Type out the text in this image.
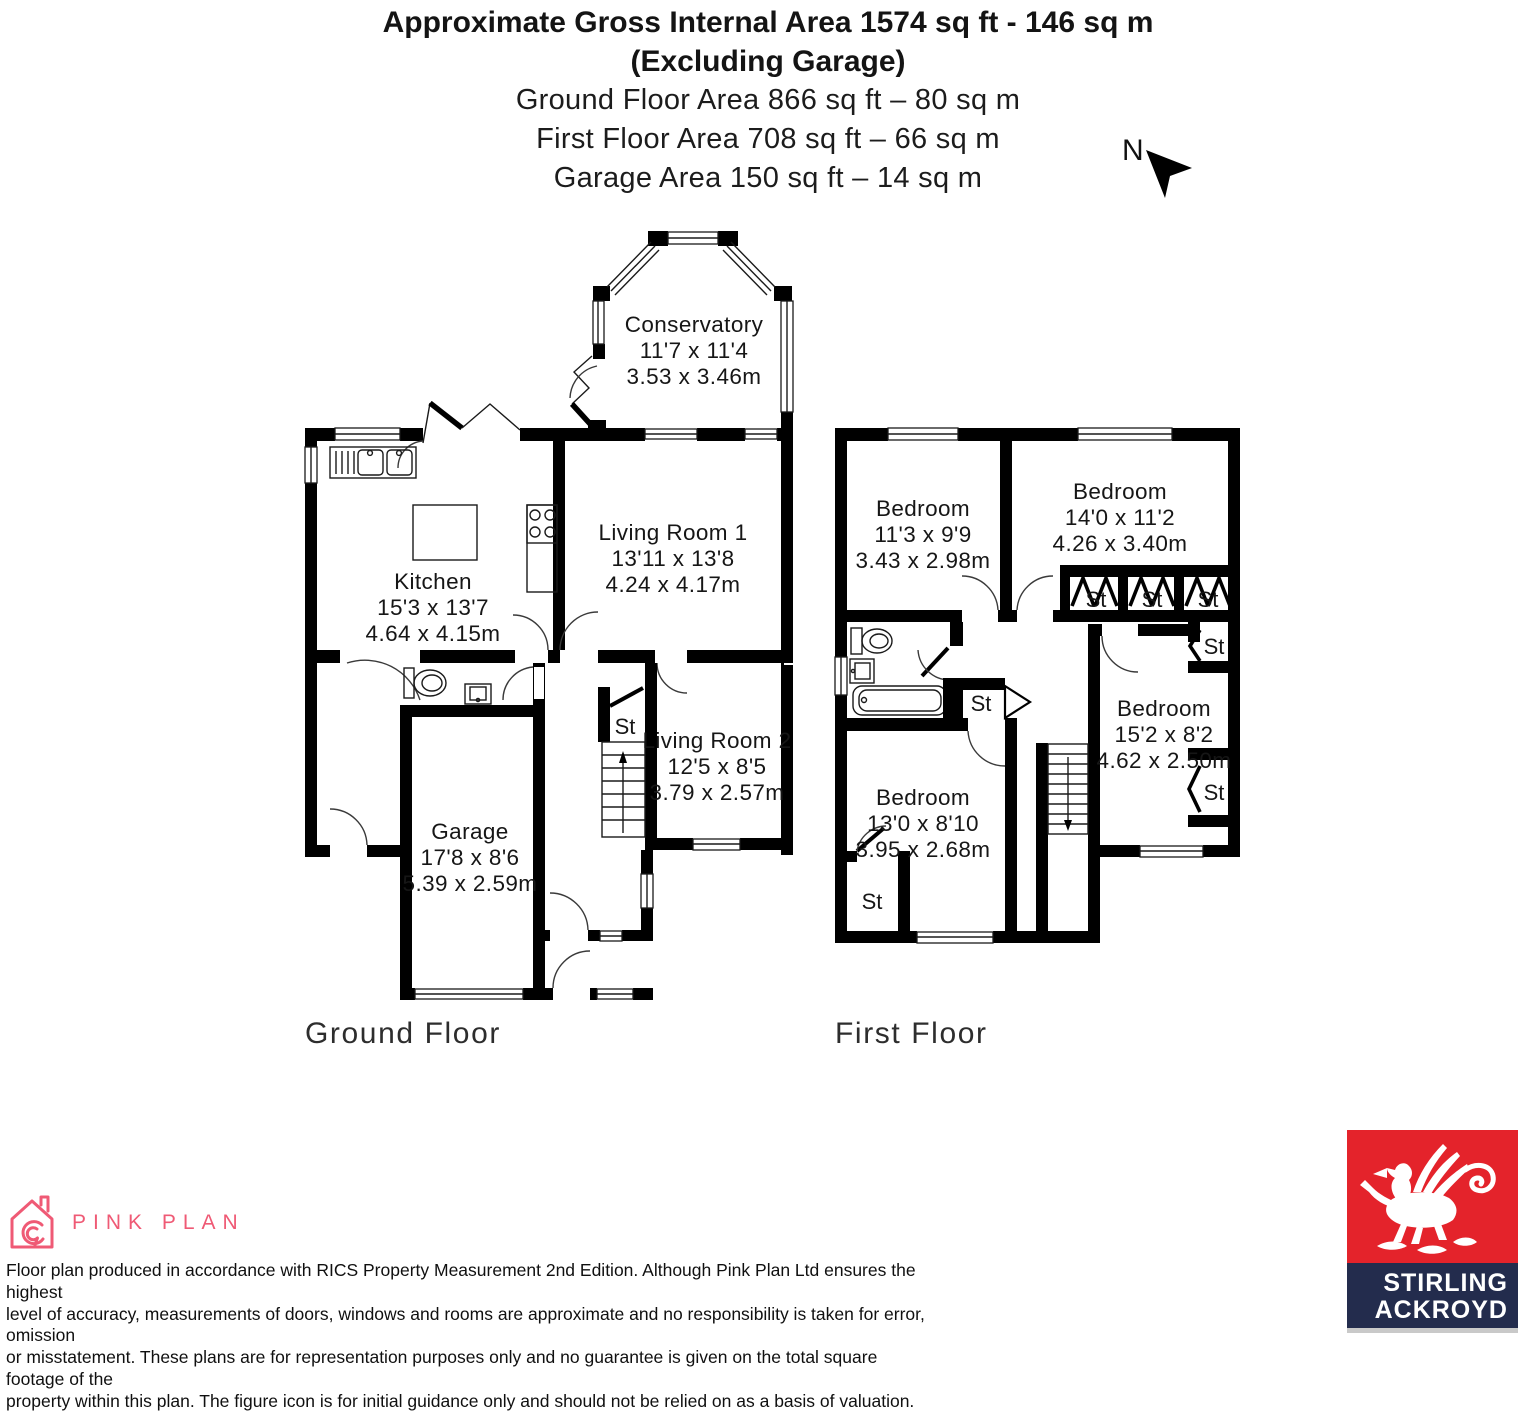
Approximate Gross Internal Area 1574 sq ft - 146 sq m
(Excluding Garage)
Ground Floor Area 866 sq ft – 80 sq m
First Floor Area 708 sq ft – 66 sq m
Garage Area 150 sq ft – 14 sq m
N
Conservatory
11'7 x 11'4
3.53 x 3.46m
Kitchen
15'3 x 13'7
4.64 x 4.15m
Living Room 1
13'11 x 13'8
4.24 x 4.17m
Living Room 2
12'5 x 8'5
3.79 x 2.57m
Garage
17'8 x 8'6
5.39 x 2.59m
St
Ground Floor
Bedroom
11'3 x 9'9
3.43 x 2.98m
Bedroom
14'0 x 11'2
4.26 x 3.40m
Bedroom
15'2 x 8'2
4.62 x 2.50m
Bedroom
13'0 x 8'10
3.95 x 2.68m
St St St
St
St
St
St
First Floor
PINK PLAN
Floor plan produced in accordance with RICS Property Measurement 2nd Edition. Although Pink Plan Ltd ensures the highest
level of accuracy, measurements of doors, windows and rooms are approximate and no responsibility is taken for error, omission
or misstatement. These plans are for representation purposes only and no guarantee is given on the total square footage of the
property within this plan. The figure icon is for initial guidance only and should not be relied on as a basis of valuation.
STIRLING
ACKROYD
